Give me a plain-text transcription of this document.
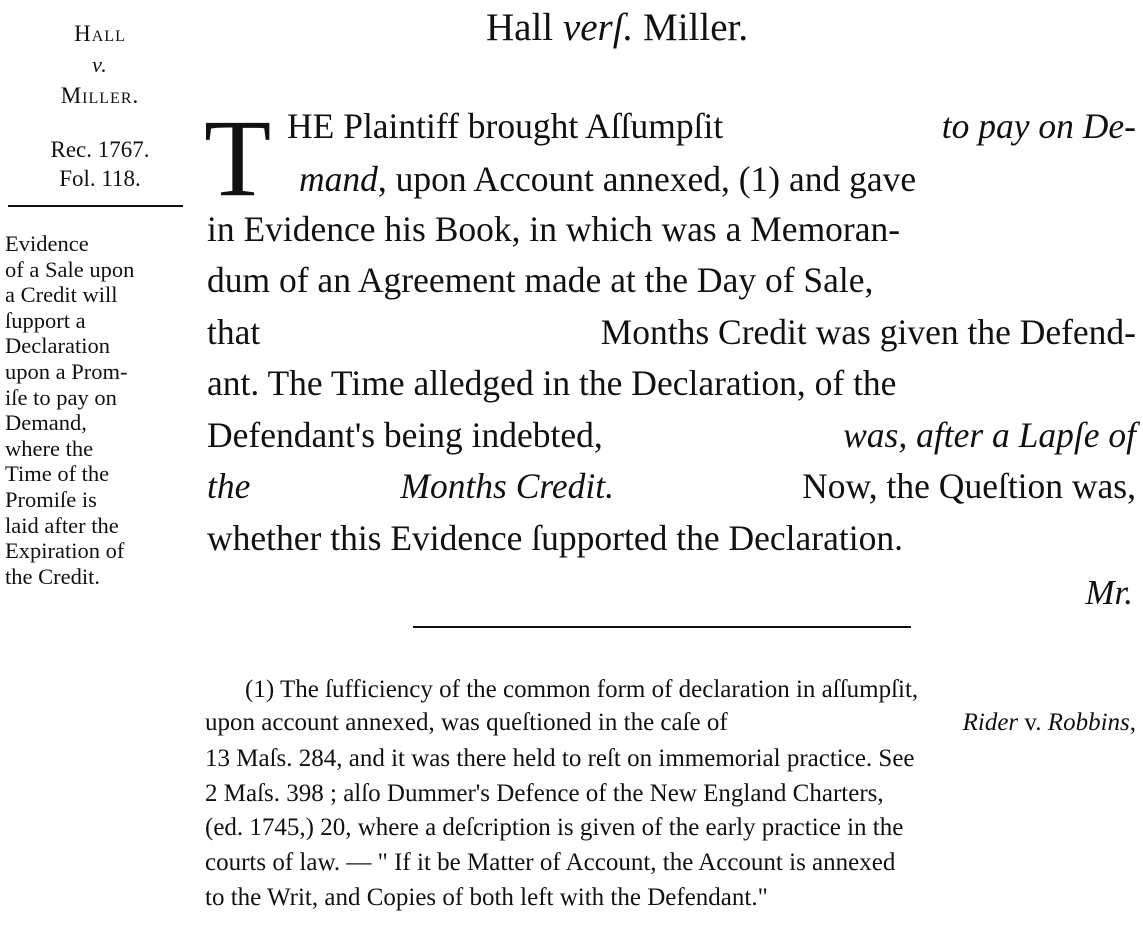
Hall
v.
Miller.
Rec. 1767.
Fol. 118.
Evidence
of a Sale upon
a Credit will
ſupport a
Declaration
upon a Prom-
iſe to pay on
Demand,
where the
Time of the
Promiſe is
laid after the
Expiration of
the Credit.
Hall verſ. Miller.
T HE Plaintiff brought Aſſumpſit	to pay on De-
mand, upon Account annexed, (1) and gave
in Evidence his Book, in which was a Memoran-
dum of an Agreement made at the Day of Sale,
that	Months Credit was given the Defend-
ant. The Time alledged in the Declaration, of the
Defendant's being indebted,	was, after a Lapſe of
the	Months Credit.	Now, the Queſtion was,
whether this Evidence ſupported the Declaration.
Mr.
(1) The ſufficiency of the common form of declaration in aſſumpſit,
upon account annexed, was queſtioned in the caſe of	Rider v. Robbins,
13 Maſs. 284, and it was there held to reſt on immemorial practice. See
2 Maſs. 398 ; alſo Dummer's Defence of the New England Charters,
(ed. 1745,) 20, where a deſcription is given of the early practice in the
courts of law. — " If it be Matter of Account, the Account is annexed
to the Writ, and Copies of both left with the Defendant."
